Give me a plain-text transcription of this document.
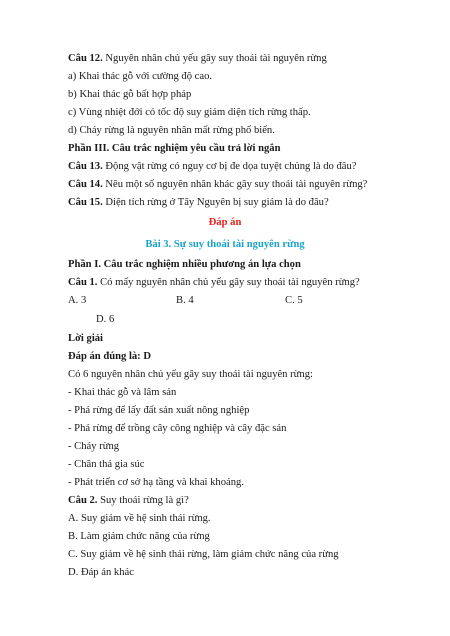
Câu 12. Nguyên nhân chủ yếu gây suy thoái tài nguyên rừng
a) Khai thác gỗ với cường độ cao.
b) Khai thác gỗ bất hợp pháp
c) Vùng nhiệt đới có tốc độ suy giảm diện tích rừng thấp.
d) Cháy rừng là nguyên nhân mất rừng phổ biến.
Phần III. Câu trắc nghiệm yêu cầu trả lời ngắn
Câu 13. Động vật rừng có nguy cơ bị đe dọa tuyệt chủng là do đâu?
Câu 14. Nêu một số nguyên nhân khác gây suy thoái tài nguyên rừng?
Câu 15. Diện tích rừng ở Tây Nguyên bị suy giảm là do đâu?
Đáp án
Bài 3. Sự suy thoái tài nguyên rừng
Phần I. Câu trắc nghiệm nhiều phương án lựa chọn
Câu 1. Có mấy nguyên nhân chủ yếu gây suy thoái tài nguyên rừng?
A. 3	B. 4	C. 5
D. 6
Lời giải
Đáp án đúng là: D
Có 6 nguyên nhân chủ yếu gây suy thoái tài nguyên rừng:
- Khai thác gỗ và lâm sản
- Phá rừng để lấy đất sản xuất nông nghiệp
- Phá rừng để trồng cây công nghiệp và cây đặc sản
- Cháy rừng
- Chăn thả gia súc
- Phát triển cơ sở hạ tầng và khai khoáng.
Câu 2. Suy thoái rừng là gì?
A. Suy giảm về hệ sinh thái rừng.
B. Làm giảm chức năng của rừng
C. Suy giảm về hệ sinh thái rừng, làm giảm chức năng của rừng
D. Đáp án khác
